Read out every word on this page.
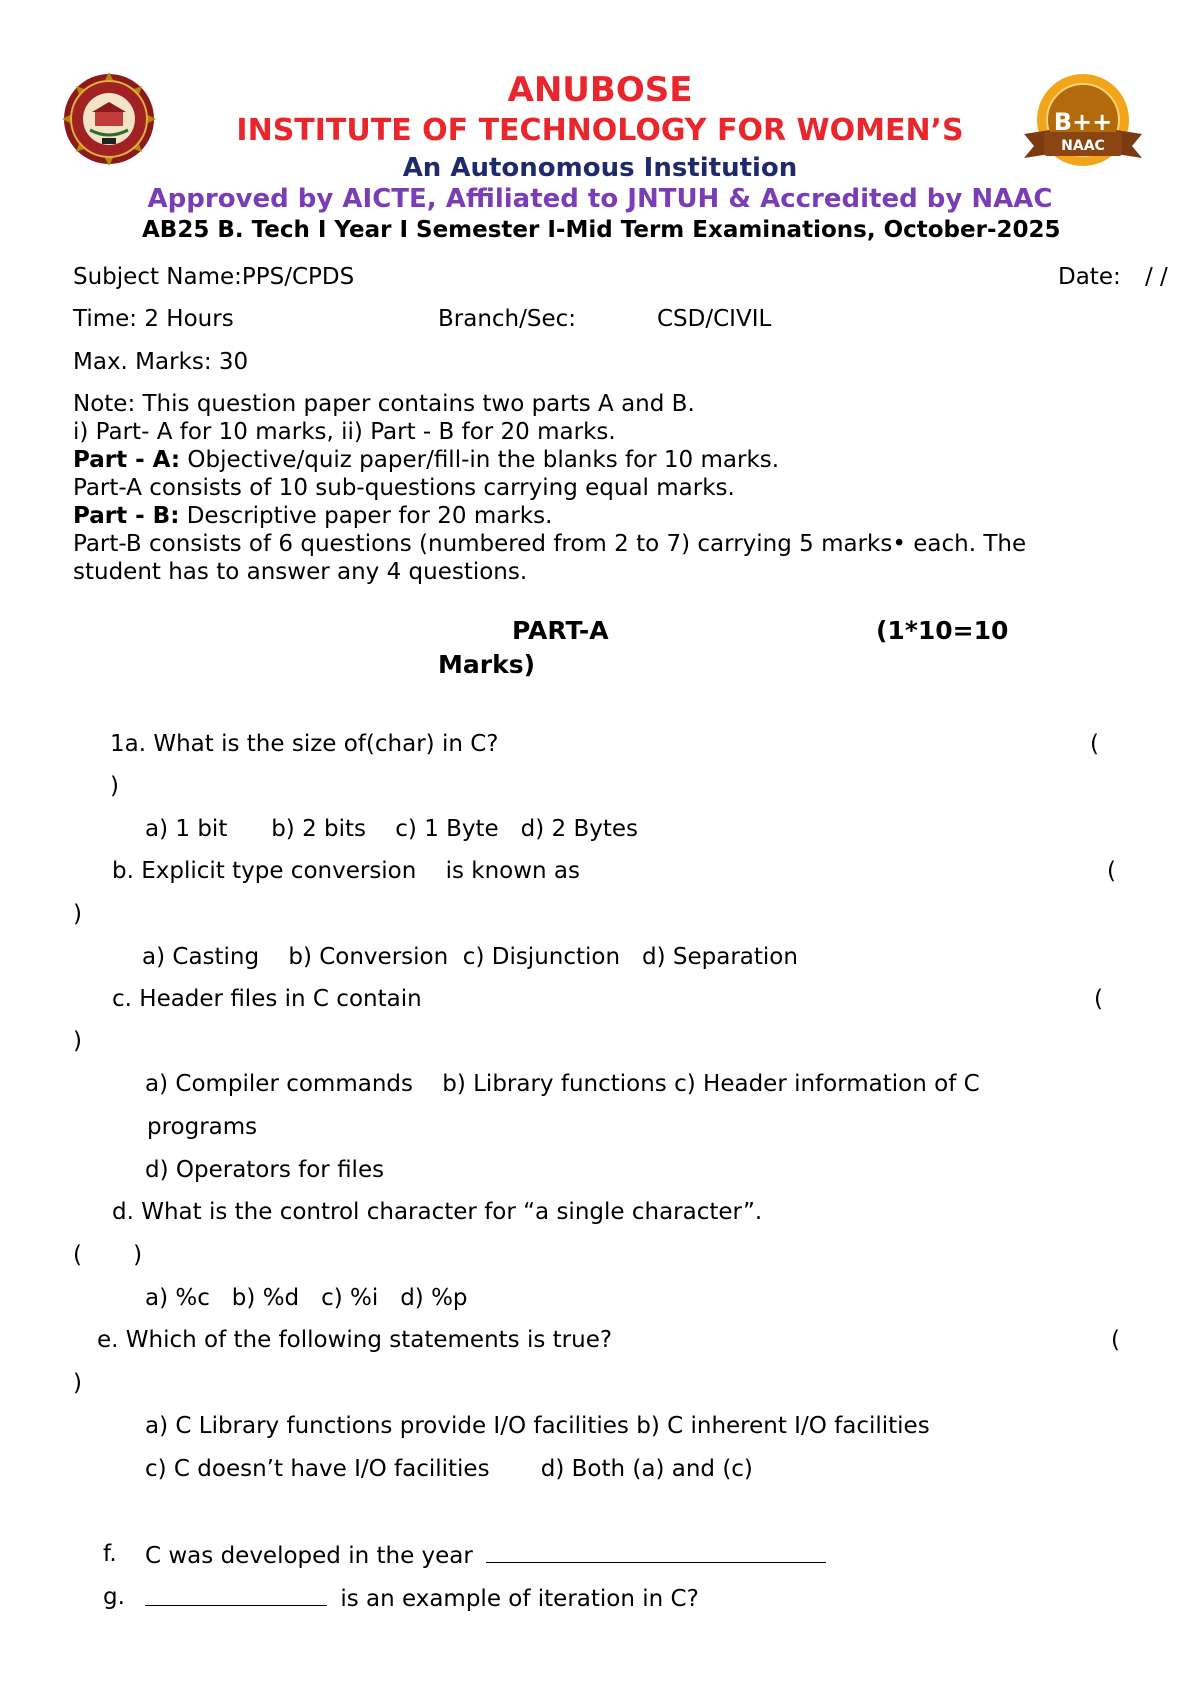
B++
NAAC
ANUBOSE
INSTITUTE OF TECHNOLOGY FOR WOMEN’S
An Autonomous Institution
Approved by AICTE, Affiliated to JNTUH & Accredited by NAAC
AB25 B. Tech I Year I Semester I-Mid Term Examinations, October-2025
Subject Name:PPS/CPDS	Date: / /
Time: 2 Hours	Branch/Sec:	CSD/CIVIL
Max. Marks: 30
Note: This question paper contains two parts A and B.
i) Part- A for 10 marks, ii) Part - B for 20 marks.
Part - A: Objective/quiz paper/fill-in the blanks for 10 marks.
Part-A consists of 10 sub-questions carrying equal marks.
Part - B: Descriptive paper for 20 marks.
Part-B consists of 6 questions (numbered from 2 to 7) carrying 5 marks• each. The
student has to answer any 4 questions.
PART-A	(1*10=10
Marks)
1a. What is the size of(char) in C?	(
)
a) 1 bit      b) 2 bits    c) 1 Byte   d) 2 Bytes
b. Explicit type conversion    is known as	(
)
a) Casting    b) Conversion  c) Disjunction   d) Separation
c. Header files in C contain	(
)
a) Compiler commands    b) Library functions c) Header information of C
programs
d) Operators for files
d. What is the control character for “a single character”.
(       )
a) %c   b) %d   c) %i   d) %p
e. Which of the following statements is true?	(
)
a) C Library functions provide I/O facilities b) C inherent I/O facilities
c) C doesn’t have I/O facilities       d) Both (a) and (c)
f. C was developed in the year
g.	is an example of iteration in C?
